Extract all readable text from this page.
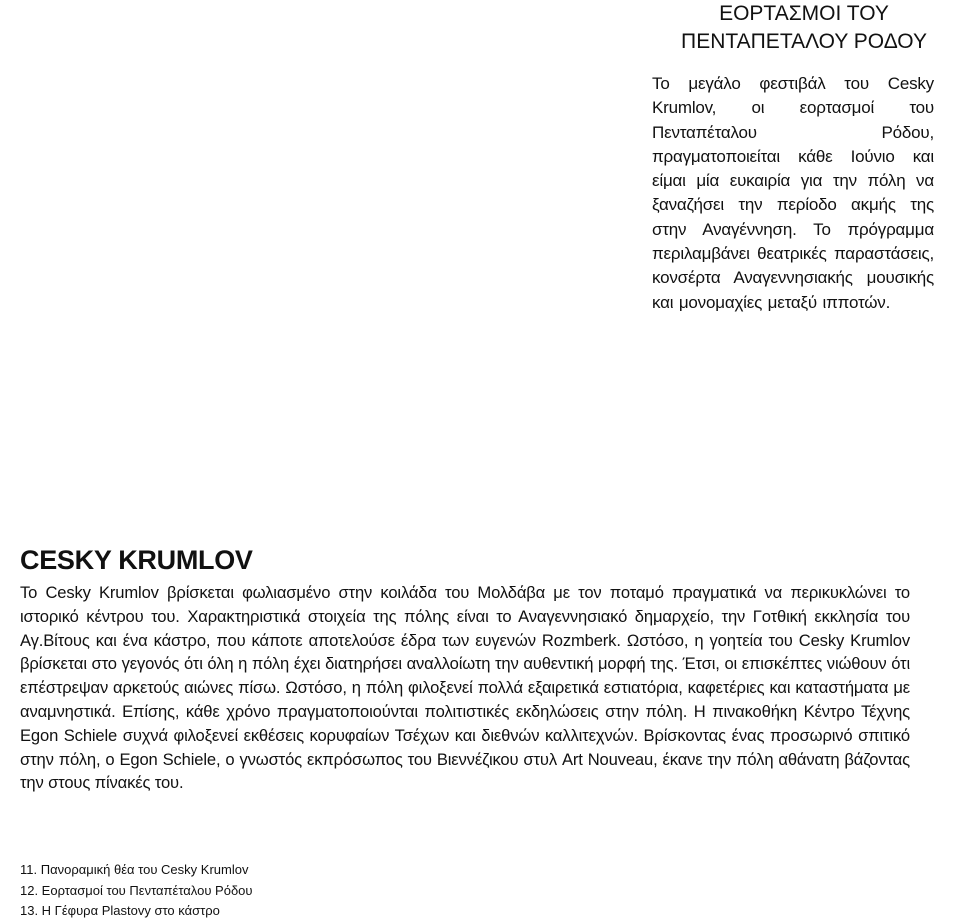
ΕΟΡΤΑΣΜΟΙ ΤΟΥ
ΠΕΝΤΑΠΕΤΑΛΟΥ ΡΟΔΟΥ

Το μεγάλο φεστιβάλ του Cesky Krumlov, οι εορτασμοί του Πενταπέταλου Ρόδου, πραγματοποιείται κάθε Ιούνιο και είμαι μία ευκαιρία για την πόλη να ξαναζήσει την περίοδο ακμής της στην Αναγέννηση. Το πρόγραμμα περιλαμβάνει θεατρικές παραστάσεις, κονσέρτα Αναγεννησιακής μουσικής και μονομαχίες μεταξύ ιπποτών.

CESKY KRUMLOV

Το Cesky Krumlov βρίσκεται φωλιασμένο στην κοιλάδα του Μολδάβα με τον ποταμό πραγματικά να περικυκλώνει το ιστορικό κέντρου του. Χαρακτηριστικά στοιχεία της πόλης είναι το Αναγεννησιακό δημαρχείο, την Γοτθική εκκλησία του Αγ.Βίτους και ένα κάστρο, που κάποτε αποτελούσε έδρα των ευγενών Rozmberk. Ωστόσο, η γοητεία του Cesky Krumlov βρίσκεται στο γεγονός ότι όλη η πόλη έχει διατηρήσει αναλλοίωτη την αυθεντική μορφή της. Έτσι, οι επισκέπτες νιώθουν ότι επέστρεψαν αρκετούς αιώνες πίσω. Ωστόσο, η πόλη φιλοξενεί πολλά εξαιρετικά εστιατόρια, καφετέριες και καταστήματα με αναμνηστικά. Επίσης, κάθε χρόνο πραγματοποιούνται πολιτιστικές εκδηλώσεις στην πόλη. Η πινακοθήκη Κέντρο Τέχνης Egon Schiele συχνά φιλοξενεί εκθέσεις κορυφαίων Τσέχων και διεθνών καλλιτεχνών. Βρίσκοντας ένας προσωρινό σπιτικό στην πόλη, ο Egon Schiele, ο γνωστός εκπρόσωπος του Βιεννέζικου στυλ Art Nouveau, έκανε την πόλη αθάνατη βάζοντας την στους πίνακές του.

11. Πανοραμική θέα του Cesky Krumlov
12. Εορτασμοί του Πενταπέταλου Ρόδου
13. Η Γέφυρα Plastovy στο κάστρο
